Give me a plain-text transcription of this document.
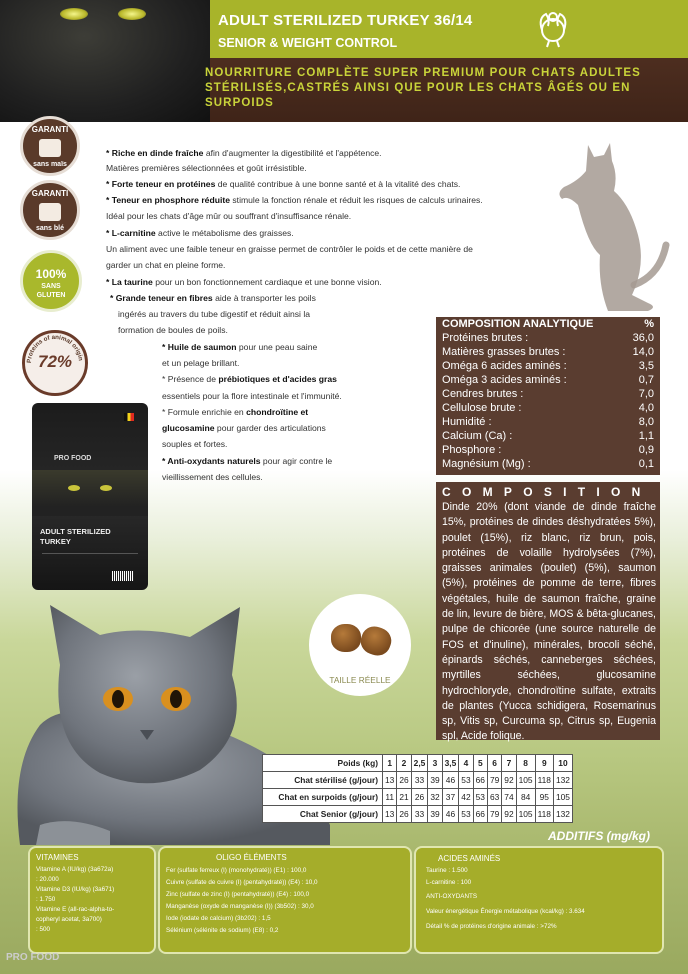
ADULT STERILIZED TURKEY 36/14
SENIOR & WEIGHT CONTROL
NOURRITURE COMPLÈTE SUPER PREMIUM POUR CHATS ADULTES
STÉRILISÉS,CASTRÉS AINSI QUE POUR LES CHATS ÂGÉS OU EN
SURPOIDS
GARANTI
sans maïs
GARANTI
sans blé
100%
SANS
GLUTEN
Proteins of animal origin
72%
* Riche en dinde fraîche afin d'augmenter la digestibilité et l'appétence.
Matières premières sélectionnées et goût irrésistible.
* Forte teneur en protéines de qualité contribue à une bonne santé et à la vitalité des chats.
* Teneur en phosphore réduite stimule la fonction rénale et réduit les risques de calculs urinaires.
Idéal pour les chats d'âge mûr ou souffrant d'insuffisance rénale.
* L-carnitine active le métabolisme des graisses.
Un aliment avec une faible teneur en graisse permet de contrôler le poids et de cette manière de
garder un chat en pleine forme.
* La taurine pour un bon fonctionnement cardiaque et une bonne vision.
* Grande teneur en fibres aide à transporter les poils
ingérés au travers du tube digestif et réduit ainsi la
formation de boules de poils.
* Huile de saumon pour une peau saine
et un pelage brillant.
* Présence de prébiotiques et d'acides gras
essentiels pour la flore intestinale et l'immunité.
* Formule enrichie en chondroïtine et
glucosamine pour garder des articulations
souples et fortes.
* Anti-oxydants naturels pour agir contre le
vieillissement des cellules.
PRO FOOD
ADULT STERILIZED
TURKEY
COMPOSITION ANALYTIQUE	%
Protéines brutes :	36,0
Matières grasses brutes :	14,0
Oméga 6 acides aminés :	3,5
Oméga 3 acides aminés :	0,7
Cendres brutes :	7,0
Cellulose brute :	4,0
Humidité :	8,0
Calcium (Ca) :	1,1
Phosphore :	0,9
Magnésium (Mg) :	0,1
COMPOSITION
Dinde 20% (dont viande de dinde fraîche 15%, protéines de dindes déshydratées 5%), poulet (15%), riz blanc, riz brun, pois, protéines de volaille hydrolysées (7%), graisses animales (poulet) (5%), saumon (5%), protéines de pomme de terre, fibres végétales, huile de saumon fraîche, graine de lin, levure de bière, MOS & bêta-glucanes, pulpe de chicorée (une source naturelle de FOS et d'inuline), minérales, brocoli séché, épinards séchés, canneberges séchées, myrtilles séchées, glucosamine hydrochloryde, chondroïtine sulfate, extraits de plantes (Yucca schidigera, Rosemarinus sp, Vitis sp, Curcuma sp, Citrus sp, Eugenia spl, Acide folique.
TAILLE RÉELLE
Poids (kg)	1	2	2,5	3	3,5	4	5	6	7	8	9	10
Chat stérilisé (g/jour)	13	26	33	39	46	53	66	79	92	105	118	132
Chat en surpoids (g/jour)	11	21	26	32	37	42	53	63	74	84	95	105
Chat Senior (g/jour)	13	26	33	39	46	53	66	79	92	105	118	132
ADDITIFS (mg/kg)
VITAMINES
Vitamine A (IU/kg) (3a672a)
: 20.000
Vitamine D3 (IU/kg) (3a671)
: 1.750
Vitamine E (all-rac-alpha-to-
copheryl acetat, 3a700)
: 500
OLIGO ÉLÉMENTS
Fer (sulfate ferreux (I) (monohydraté)) (E1) : 100,0
Cuivre (sulfate de cuivre (I) (pentahydraté)) (E4) : 10,0
Zinc (sulfate de zinc (I) (pentahydraté)) (E4) : 100,0
Manganèse (oxyde de manganèse (I)) (3b502) : 30,0
Iode (iodate de calcium) (3b202) : 1,5
Sélénium (sélénite de sodium) (E8) : 0,2
ACIDES AMINÉS
Taurine : 1.500
L-carnitine : 100
ANTI-OXYDANTS
Valeur énergétique Énergie métabolique (kcal/kg) : 3.634
Détail % de protéines d'origine animale : >72%
PRO FOOD
